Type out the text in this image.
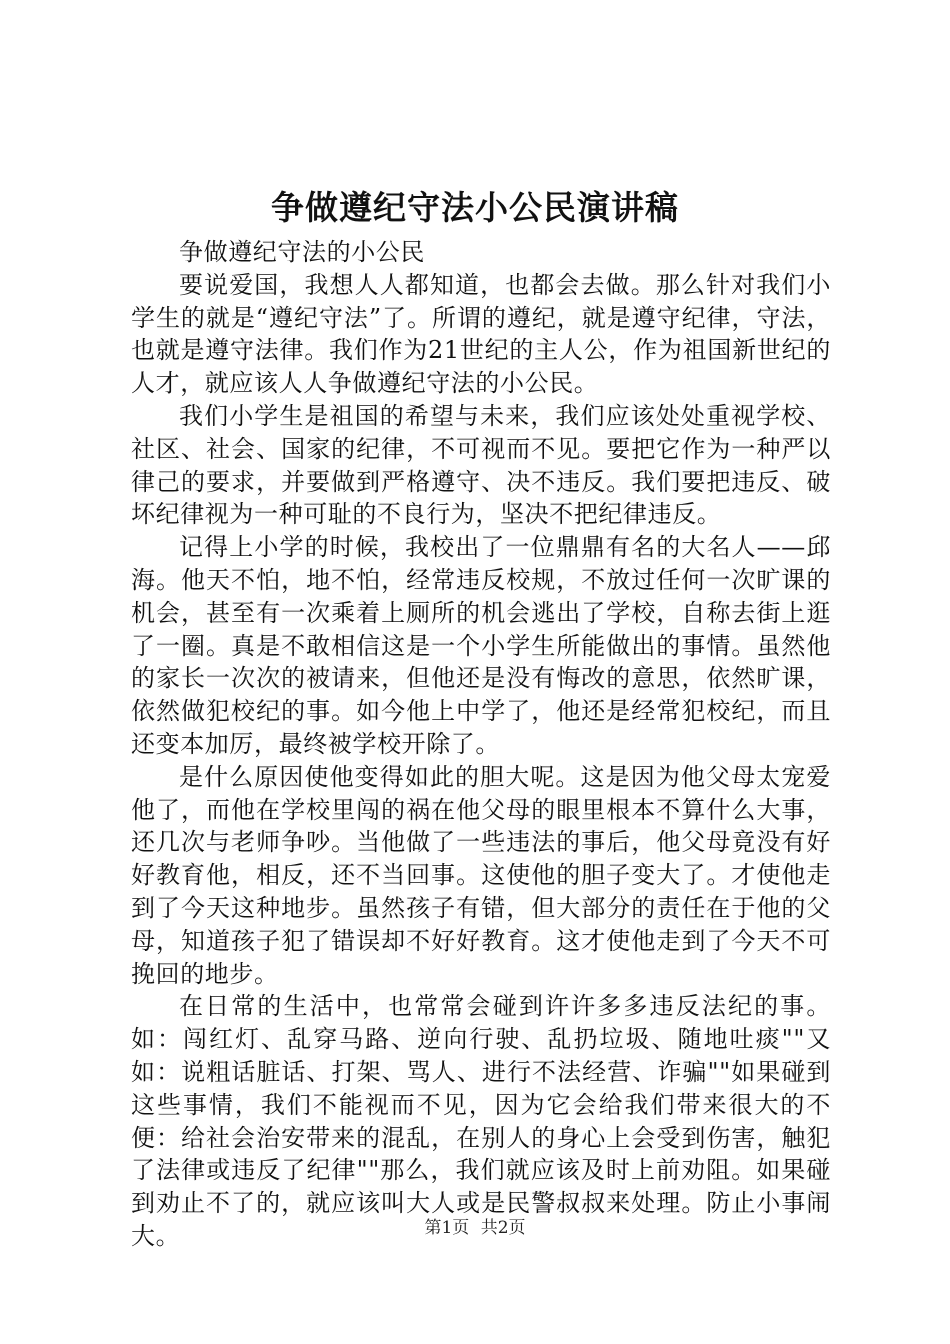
争做遵纪守法小公民演讲稿

争做遵纪守法的小公民

要说爱国，我想人人都知道，也都会去做。那么针对我们小学生的就是“遵纪守法”了。所谓的遵纪，就是遵守纪律，守法，也就是遵守法律。我们作为21世纪的主人公，作为祖国新世纪的人才，就应该人人争做遵纪守法的小公民。

我们小学生是祖国的希望与未来，我们应该处处重视学校、社区、社会、国家的纪律，不可视而不见。要把它作为一种严以律己的要求，并要做到严格遵守、决不违反。我们要把违反、破坏纪律视为一种可耻的不良行为，坚决不把纪律违反。

记得上小学的时候，我校出了一位鼎鼎有名的大名人——邱海。他天不怕，地不怕，经常违反校规，不放过任何一次旷课的机会，甚至有一次乘着上厕所的机会逃出了学校，自称去街上逛了一圈。真是不敢相信这是一个小学生所能做出的事情。虽然他的家长一次次的被请来，但他还是没有悔改的意思，依然旷课，依然做犯校纪的事。如今他上中学了，他还是经常犯校纪，而且还变本加厉，最终被学校开除了。

是什么原因使他变得如此的胆大呢。这是因为他父母太宠爱他了，而他在学校里闯的祸在他父母的眼里根本不算什么大事，还几次与老师争吵。当他做了一些违法的事后，他父母竟没有好好教育他，相反，还不当回事。这使他的胆子变大了。才使他走到了今天这种地步。虽然孩子有错，但大部分的责任在于他的父母，知道孩子犯了错误却不好好教育。这才使他走到了今天不可挽回的地步。

在日常的生活中，也常常会碰到许许多多违反法纪的事。如：闯红灯、乱穿马路、逆向行驶、乱扔垃圾、随地吐痰""又如：说粗话脏话、打架、骂人、进行不法经营、诈骗""如果碰到这些事情，我们不能视而不见，因为它会给我们带来很大的不便：给社会治安带来的混乱，在别人的身心上会受到伤害，触犯了法律或违反了纪律""那么，我们就应该及时上前劝阻。如果碰到劝止不了的，就应该叫大人或是民警叔叔来处理。防止小事闹大。	第1页 共2页
